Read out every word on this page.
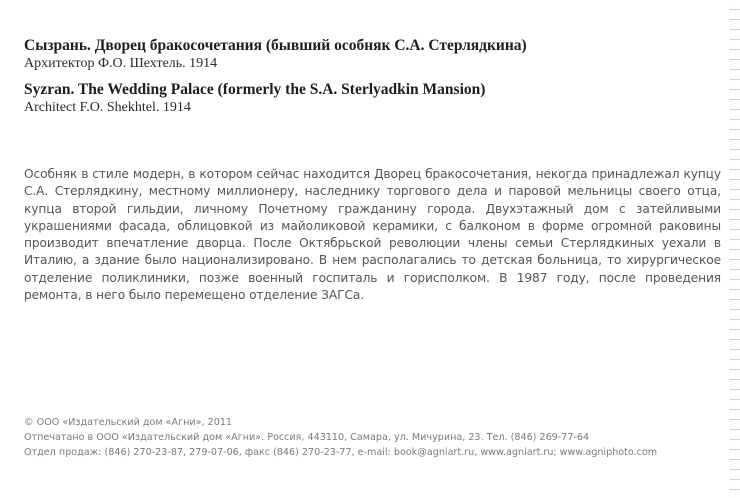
Сызрань. Дворец бракосочетания (бывший особняк С.А. Стерлядкина)

Архитектор Ф.О. Шехтель. 1914

Syzran. The Wedding Palace (formerly the S.A. Sterlyadkin Mansion)

Architect F.O. Shekhtel. 1914

Особняк в стиле модерн, в котором сейчас находится Дворец бракосочетания, некогда принадлежал купцу С.А. Стерлядкину, местному миллионеру, наследнику торгового дела и паровой мельницы своего отца, купца второй гильдии, личному Почетному гражданину города. Двухэтажный дом с затейливыми украшениями фасада, облицовкой из майоликовой керамики, с балконом в форме огромной раковины производит впечатление дворца. После Октябрьской революции члены семьи Стерлядкиных уехали в Италию, а здание было национализировано. В нем располагались то детская больница, то хирургическое отделение поликлиники, позже военный госпиталь и горисполком. В 1987 году, после проведения ремонта, в него было перемещено отделение ЗАГСа.

© ООО «Издательский дом «Агни», 2011

Отпечатано в ООО «Издательский дом «Агни». Россия, 443110, Самара, ул. Мичурина, 23. Тел. (846) 269-77-64

Отдел продаж: (846) 270-23-87, 279-07-06, факс (846) 270-23-77, e-mail: book@agniart.ru, www.agniart.ru; www.agniphoto.com
